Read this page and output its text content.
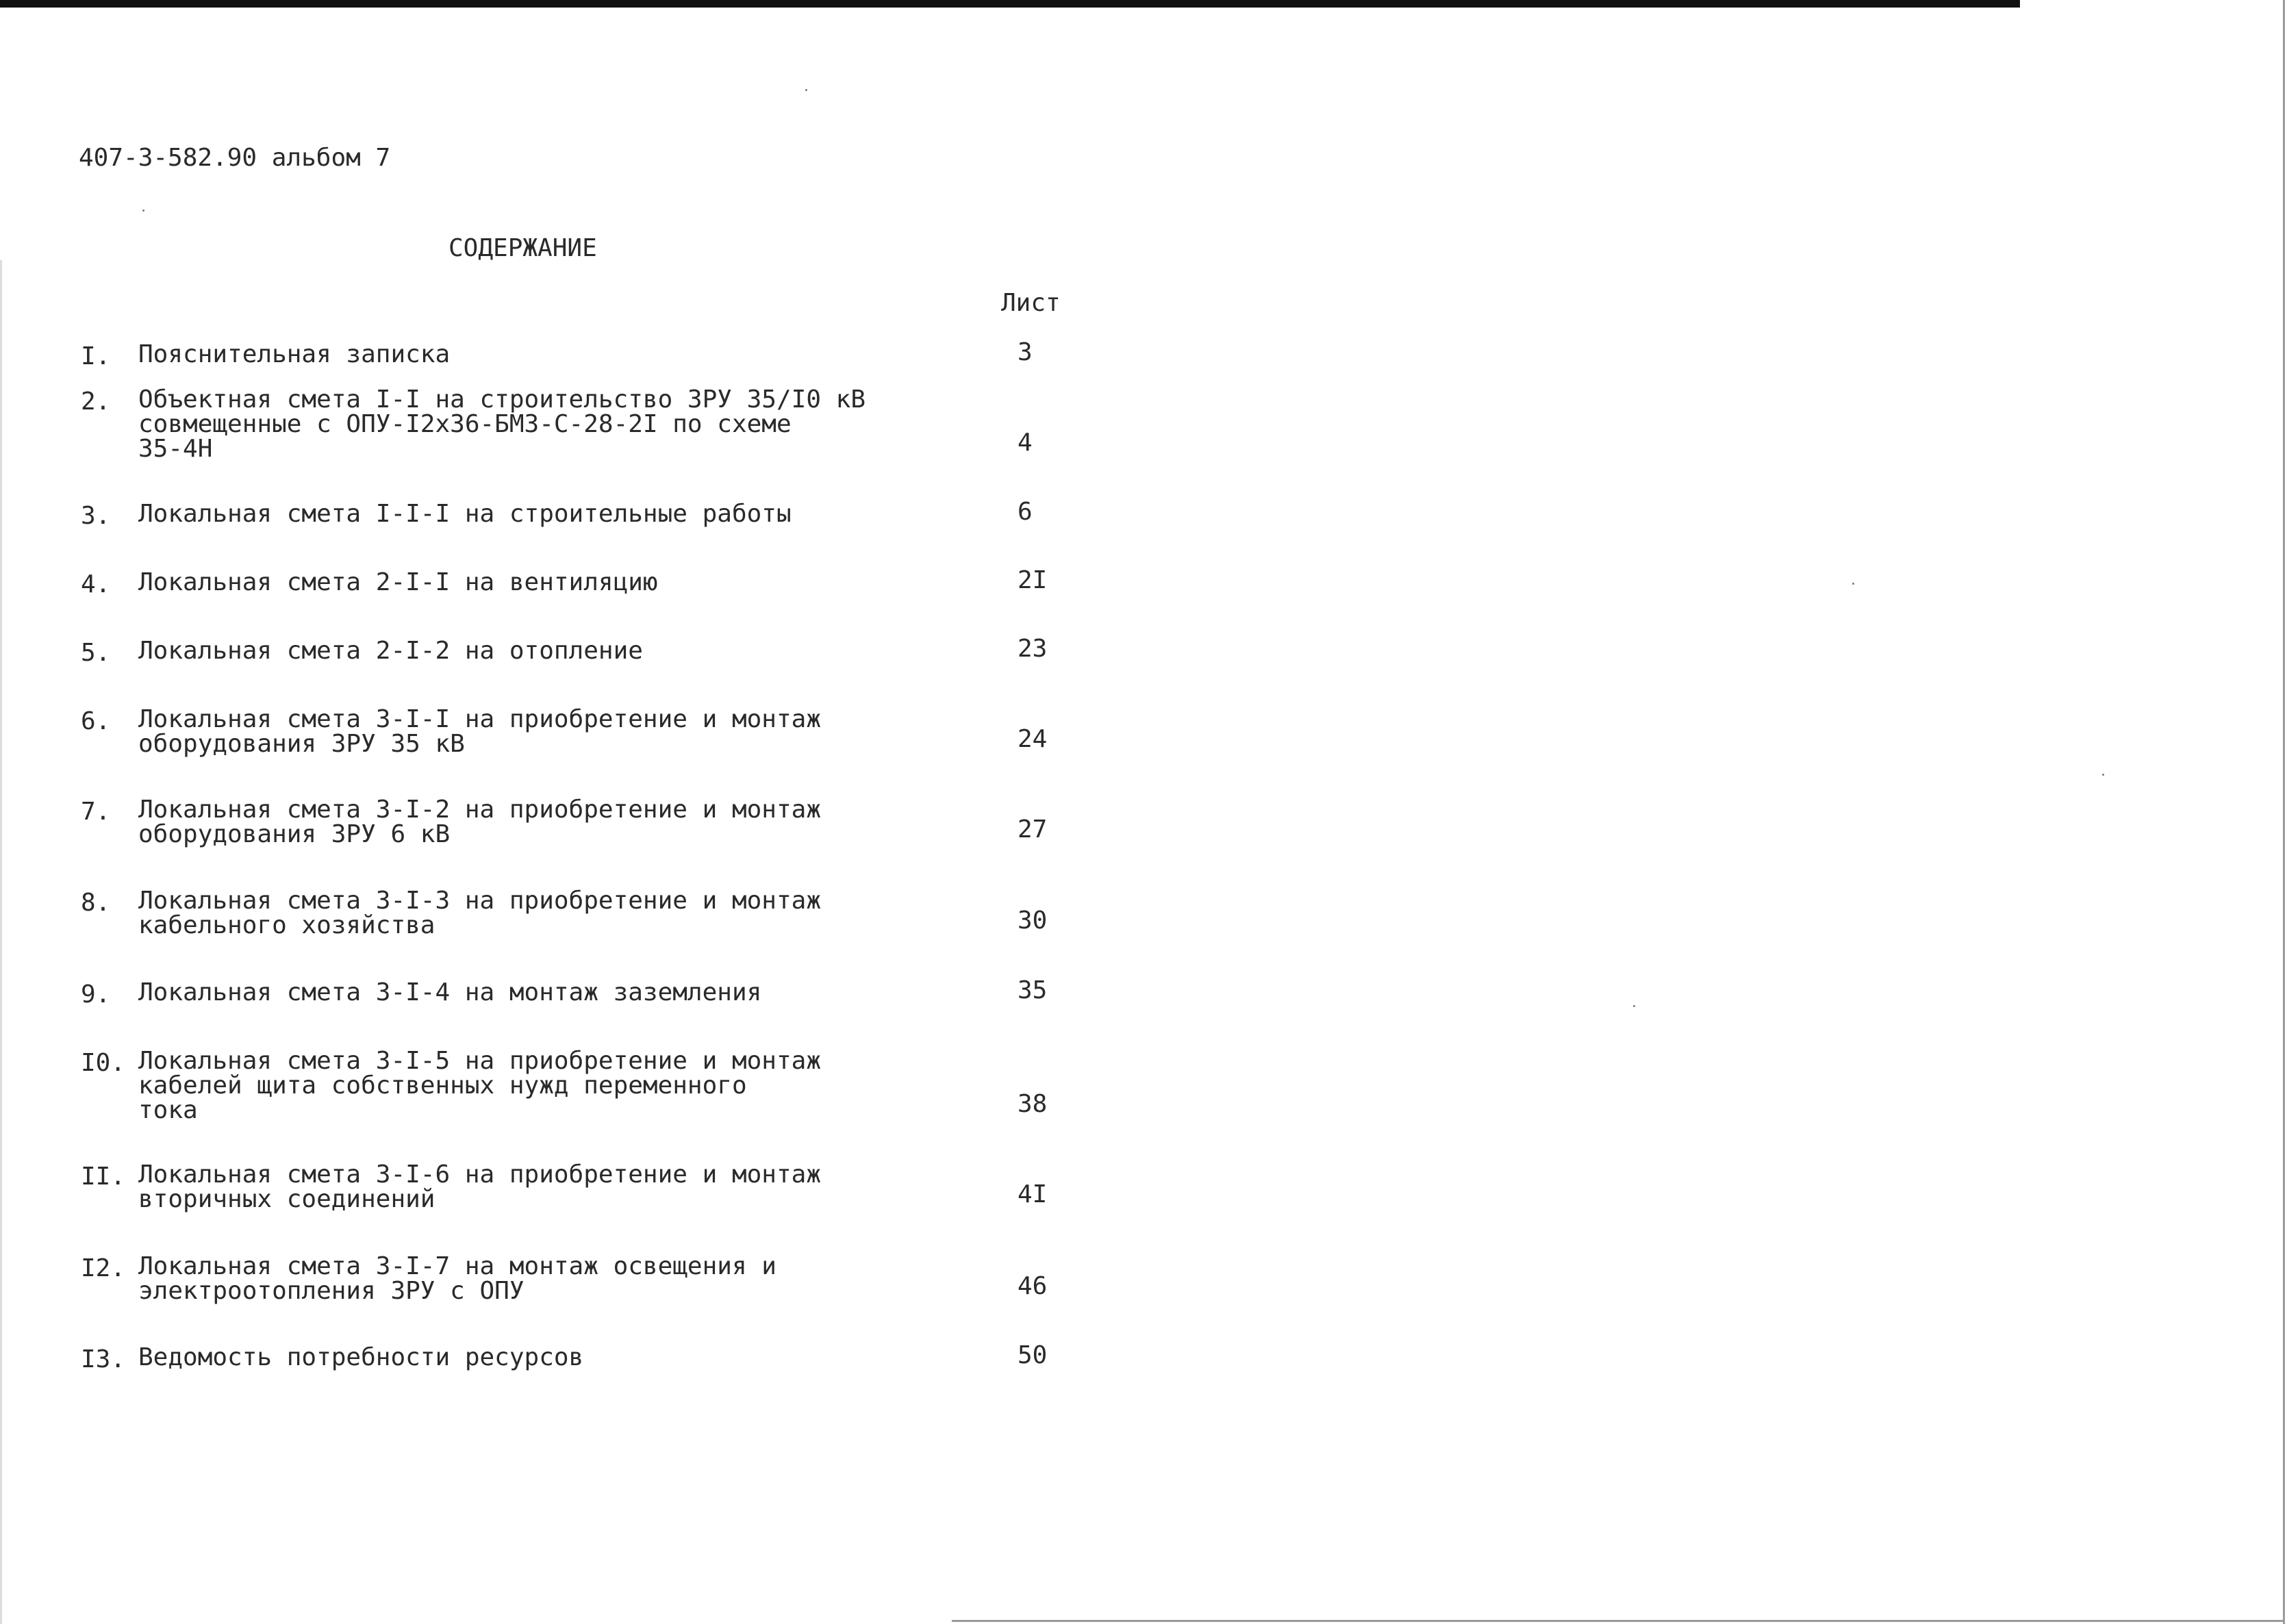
407-3-582.90 альбом 7
СОДЕРЖАНИЕ
Лист
I. Пояснительная записка	3
2. Объектная смета I-I на строительство ЗРУ 35/I0 кВ
совмещенные с ОПУ-I2х36-БМЗ-С-28-2I по схеме
35-4Н	4
3. Локальная смета I-I-I на строительные работы	6
4. Локальная смета 2-I-I на вентиляцию	2I
5. Локальная смета 2-I-2 на отопление	23
6. Локальная смета 3-I-I на приобретение и монтаж
оборудования ЗРУ 35 кВ	24
7. Локальная смета 3-I-2 на приобретение и монтаж
оборудования ЗРУ 6 кВ	27
8. Локальная смета 3-I-3 на приобретение и монтаж
кабельного хозяйства	30
9. Локальная смета 3-I-4 на монтаж заземления	35
I0. Локальная смета 3-I-5 на приобретение и монтаж
кабелей щита собственных нужд переменного
тока	38
II. Локальная смета 3-I-6 на приобретение и монтаж
вторичных соединений	4I
I2. Локальная смета 3-I-7 на монтаж освещения и
электроотопления ЗРУ с ОПУ	46
I3. Ведомость потребности ресурсов	50
